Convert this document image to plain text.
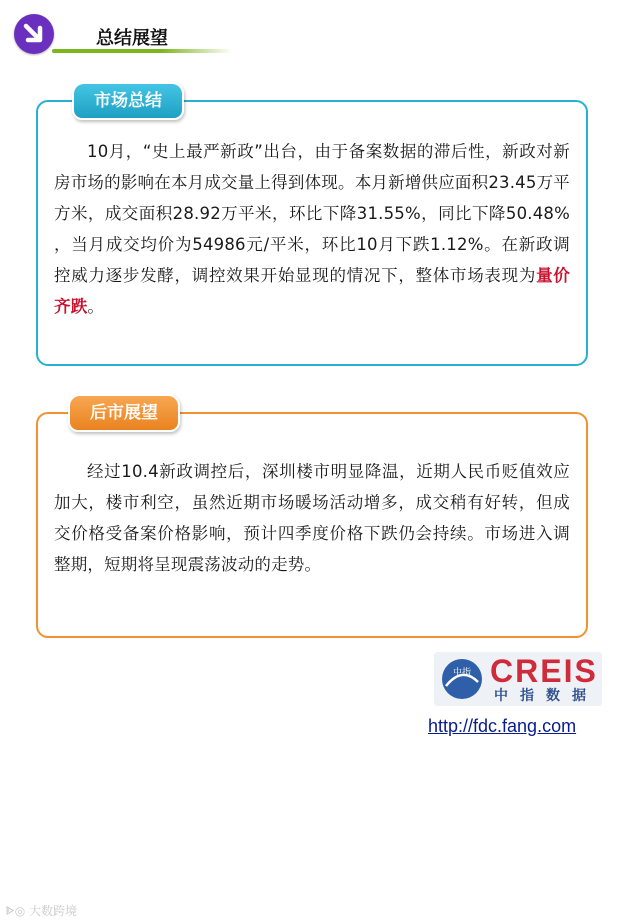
总结展望
市场总结
10月，“史上最严新政”出台，由于备案数据的滞后性，新政对新房市场的影响在本月成交量上得到体现。本月新增供应面积23.45万平方米，成交面积28.92万平米，环比下降31.55%，同比下降50.48% ，当月成交均价为54986元/平米，环比10月下跌1.12%。在新政调控威力逐步发酵，调控效果开始显现的情况下，整体市场表现为量价齐跌。
后市展望
经过10.4新政调控后，深圳楼市明显降温，近期人民币贬值效应加大，楼市利空，虽然近期市场暖场活动增多，成交稍有好转，但成交价格受备案价格影响，预计四季度价格下跌仍会持续。市场进入调整期，短期将呈现震荡波动的走势。
中指 CREIS
中指数据
http://fdc.fang.com
ᐈ◎ 大数跨境
